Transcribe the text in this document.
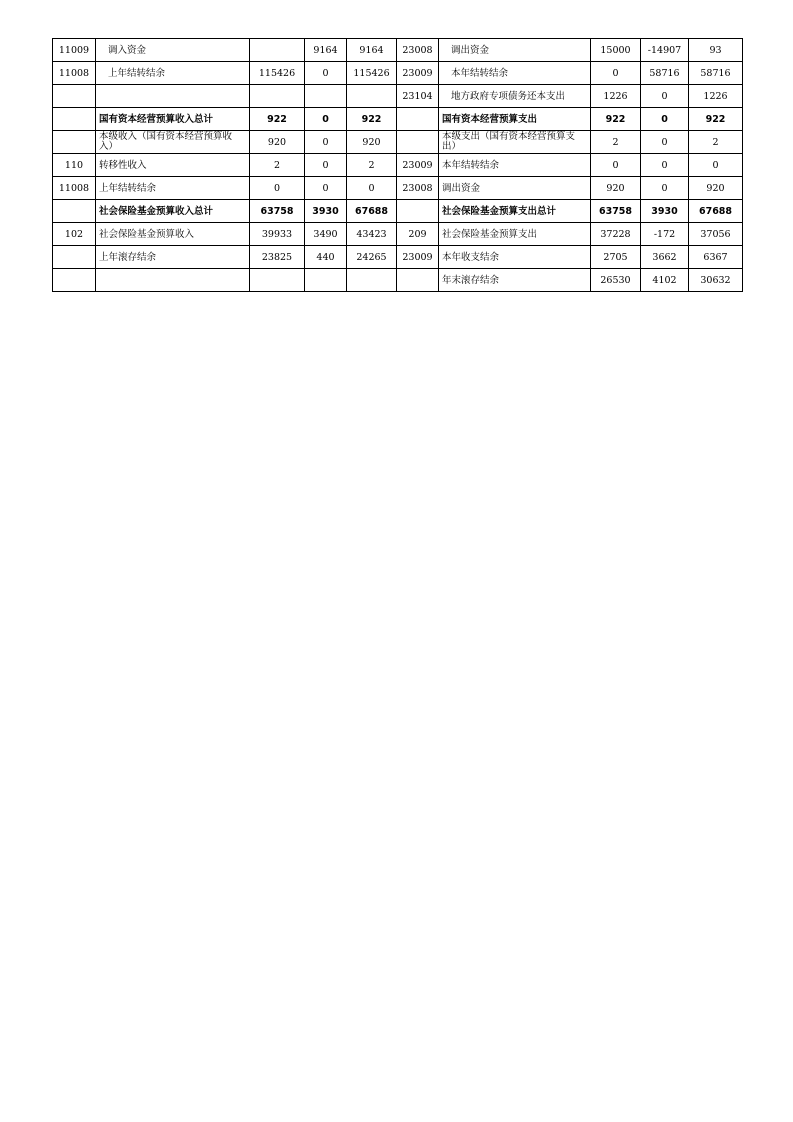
11009	调入资金		9164	9164	23008	调出资金	15000	-14907	93
11008	上年结转结余	115426	0	115426	23009	本年结转结余	0	58716	58716
					23104	地方政府专项债务还本支出	1226	0	1226
	国有资本经营预算收入总计	922	0	922		国有资本经营预算支出	922	0	922
	本级收入（国有资本经营预算收入）	920	0	920		本级支出（国有资本经营预算支出）	2	0	2
110	转移性收入	2	0	2	23009	本年结转结余	0	0	0
11008	上年结转结余	0	0	0	23008	调出资金	920	0	920
	社会保险基金预算收入总计	63758	3930	67688		社会保险基金预算支出总计	63758	3930	67688
102	社会保险基金预算收入	39933	3490	43423	209	社会保险基金预算支出	37228	-172	37056
	上年滚存结余	23825	440	24265	23009	本年收支结余	2705	3662	6367
						年末滚存结余	26530	4102	30632
